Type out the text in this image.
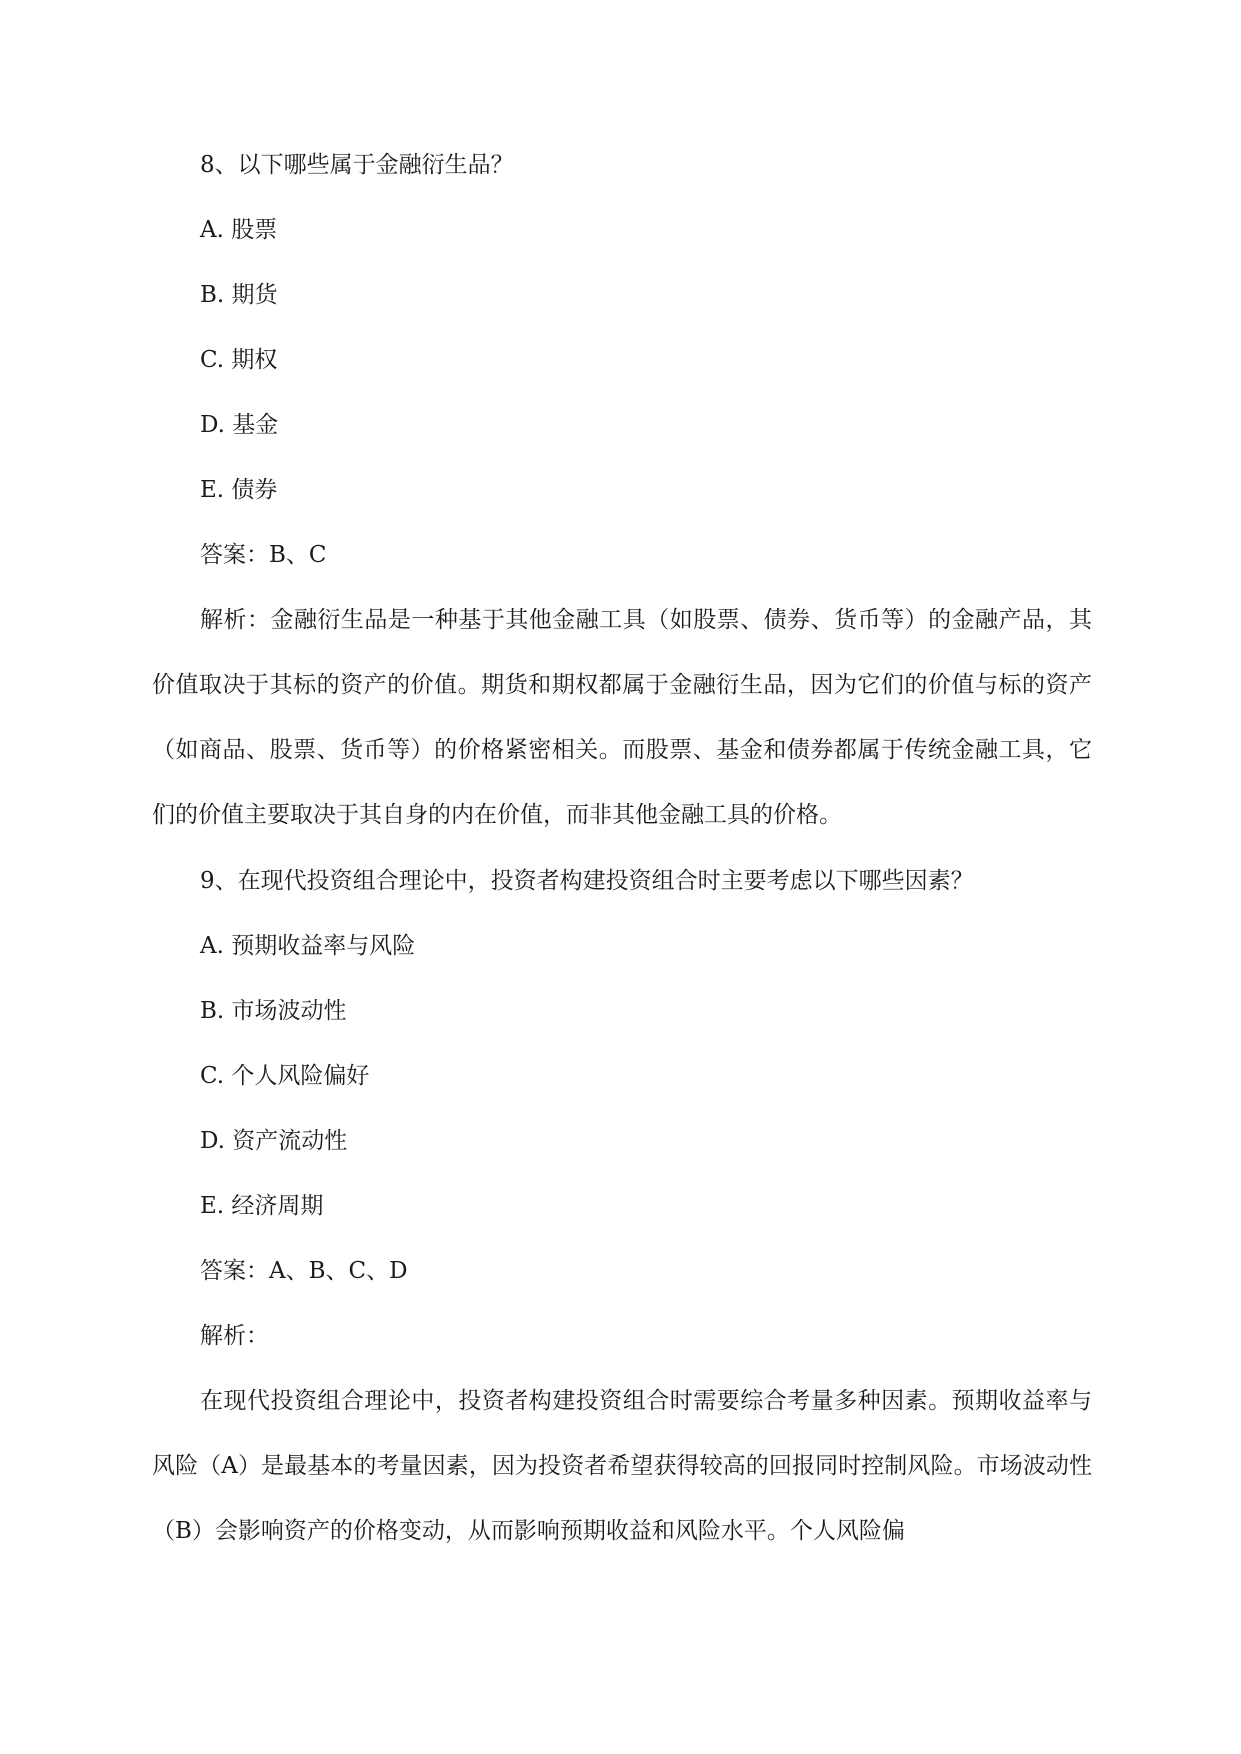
8、以下哪些属于金融衍生品？
A. 股票
B. 期货
C. 期权
D. 基金
E. 债券
答案：B、C
解析：金融衍生品是一种基于其他金融工具（如股票、债券、货币等）的金融产品，其价值取决于其标的资产的价值。期货和期权都属于金融衍生品，因为它们的价值与标的资产（如商品、股票、货币等）的价格紧密相关。而股票、基金和债券都属于传统金融工具，它们的价值主要取决于其自身的内在价值，而非其他金融工具的价格。
9、在现代投资组合理论中，投资者构建投资组合时主要考虑以下哪些因素？
A. 预期收益率与风险
B. 市场波动性
C. 个人风险偏好
D. 资产流动性
E. 经济周期
答案：A、B、C、D
解析：
在现代投资组合理论中，投资者构建投资组合时需要综合考量多种因素。预期收益率与风险（A）是最基本的考量因素，因为投资者希望获得较高的回报同时控制风险。市场波动性（B）会影响资产的价格变动，从而影响预期收益和风险水平。个人风险偏
